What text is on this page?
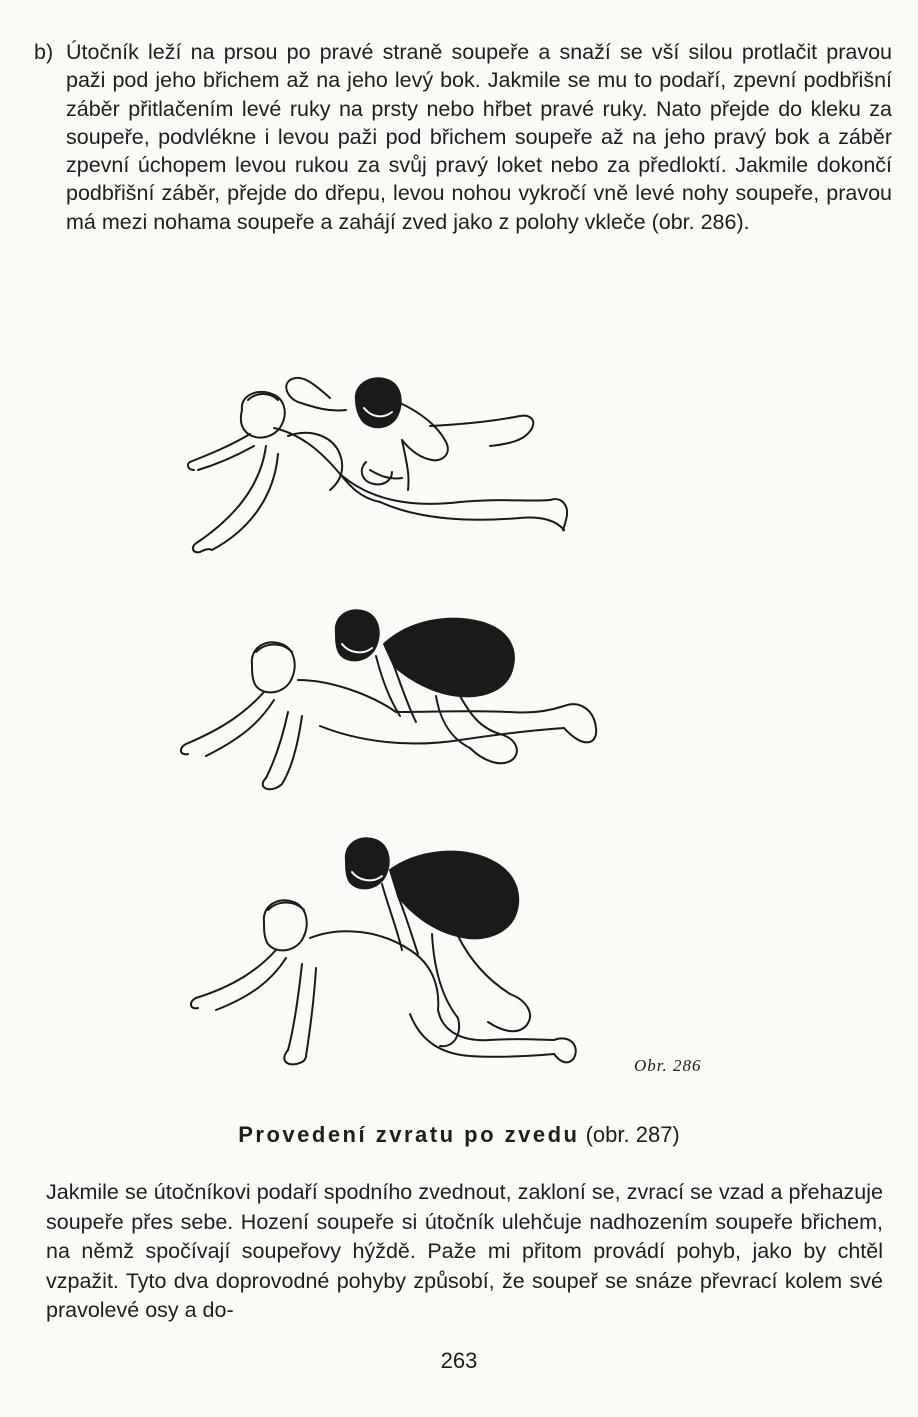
b) Útočník leží na prsou po pravé straně soupeře a snaží se vší silou protlačit pravou paži pod jeho břichem až na jeho levý bok. Jakmile se mu to podaří, zpevní podbřišní záběr přitlačením levé ruky na prsty nebo hřbet pravé ruky. Nato přejde do kleku za soupeře, podvlékne i levou paži pod břichem soupeře až na jeho pravý bok a záběr zpevní úchopem levou rukou za svůj pravý loket nebo za předloktí. Jakmile dokončí podbřišní záběr, přejde do dřepu, levou nohou vykročí vně levé nohy soupeře, pravou má mezi nohama soupeře a zahájí zved jako z polohy vkleče (obr. 286).
Obr. 286
Provedení zvratu po zvedu (obr. 287)
Jakmile se útočníkovi podaří spodního zvednout, zakloní se, zvrací se vzad a přehazuje soupeře přes sebe. Hození soupeře si útočník ulehčuje nadhozením soupeře břichem, na němž spočívají soupeřovy hýždě. Paže mi přitom provádí pohyb, jako by chtěl vzpažit. Tyto dva doprovodné pohyby způsobí, že soupeř se snáze převrací kolem své pravolevé osy a do-
263
